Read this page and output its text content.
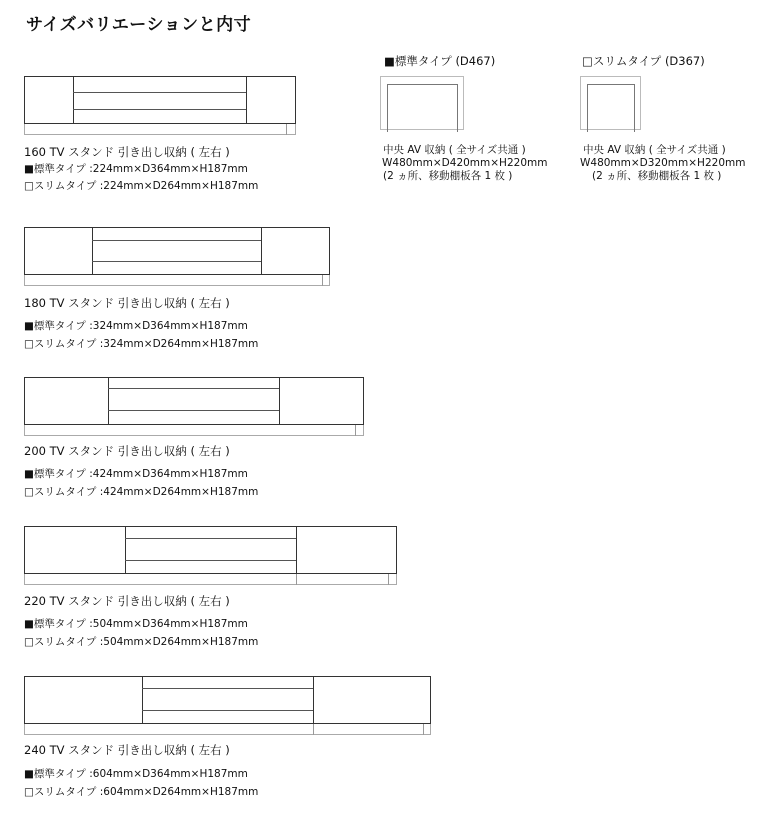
サイズバリエーションと内寸
■標準タイプ (D467)
中央 AV 収納 ( 全サイズ共通 )
W480mm×D420mm×H220mm
(2 ヵ所、移動棚板各 1 枚 )
□スリムタイプ (D367)
中央 AV 収納 ( 全サイズ共通 )
W480mm×D320mm×H220mm
(2 ヵ所、移動棚板各 1 枚 )
160 TV スタンド 引き出し収納 ( 左右 )
■標準タイプ :224mm×D364mm×H187mm
□スリムタイプ :224mm×D264mm×H187mm
180 TV スタンド 引き出し収納 ( 左右 )
■標準タイプ :324mm×D364mm×H187mm
□スリムタイプ :324mm×D264mm×H187mm
200 TV スタンド 引き出し収納 ( 左右 )
■標準タイプ :424mm×D364mm×H187mm
□スリムタイプ :424mm×D264mm×H187mm
220 TV スタンド 引き出し収納 ( 左右 )
■標準タイプ :504mm×D364mm×H187mm
□スリムタイプ :504mm×D264mm×H187mm
240 TV スタンド 引き出し収納 ( 左右 )
■標準タイプ :604mm×D364mm×H187mm
□スリムタイプ :604mm×D264mm×H187mm
